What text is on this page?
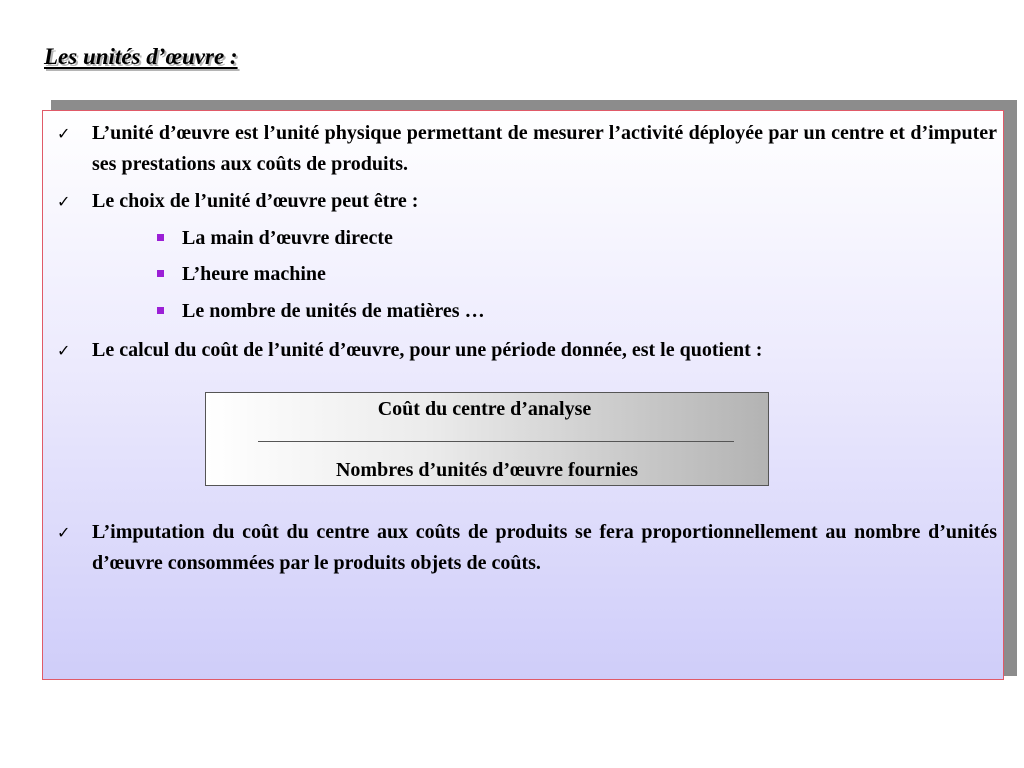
Les unités d’œuvre :
✓ L’unité d’œuvre est l’unité physique permettant de mesurer l’activité déployée par un centre et d’imputer ses prestations aux coûts de produits.
✓ Le choix de l’unité d’œuvre peut être :
La main d’œuvre directe
L’heure machine
Le nombre de unités de matières …
✓ Le calcul du coût de l’unité d’œuvre, pour une période donnée, est le quotient :
Coût du centre d’analyse
Nombres d’unités d’œuvre fournies
✓ L’imputation du coût du centre aux coûts de produits se fera proportionnellement au nombre d’unités d’œuvre consommées par le produits objets de coûts.
